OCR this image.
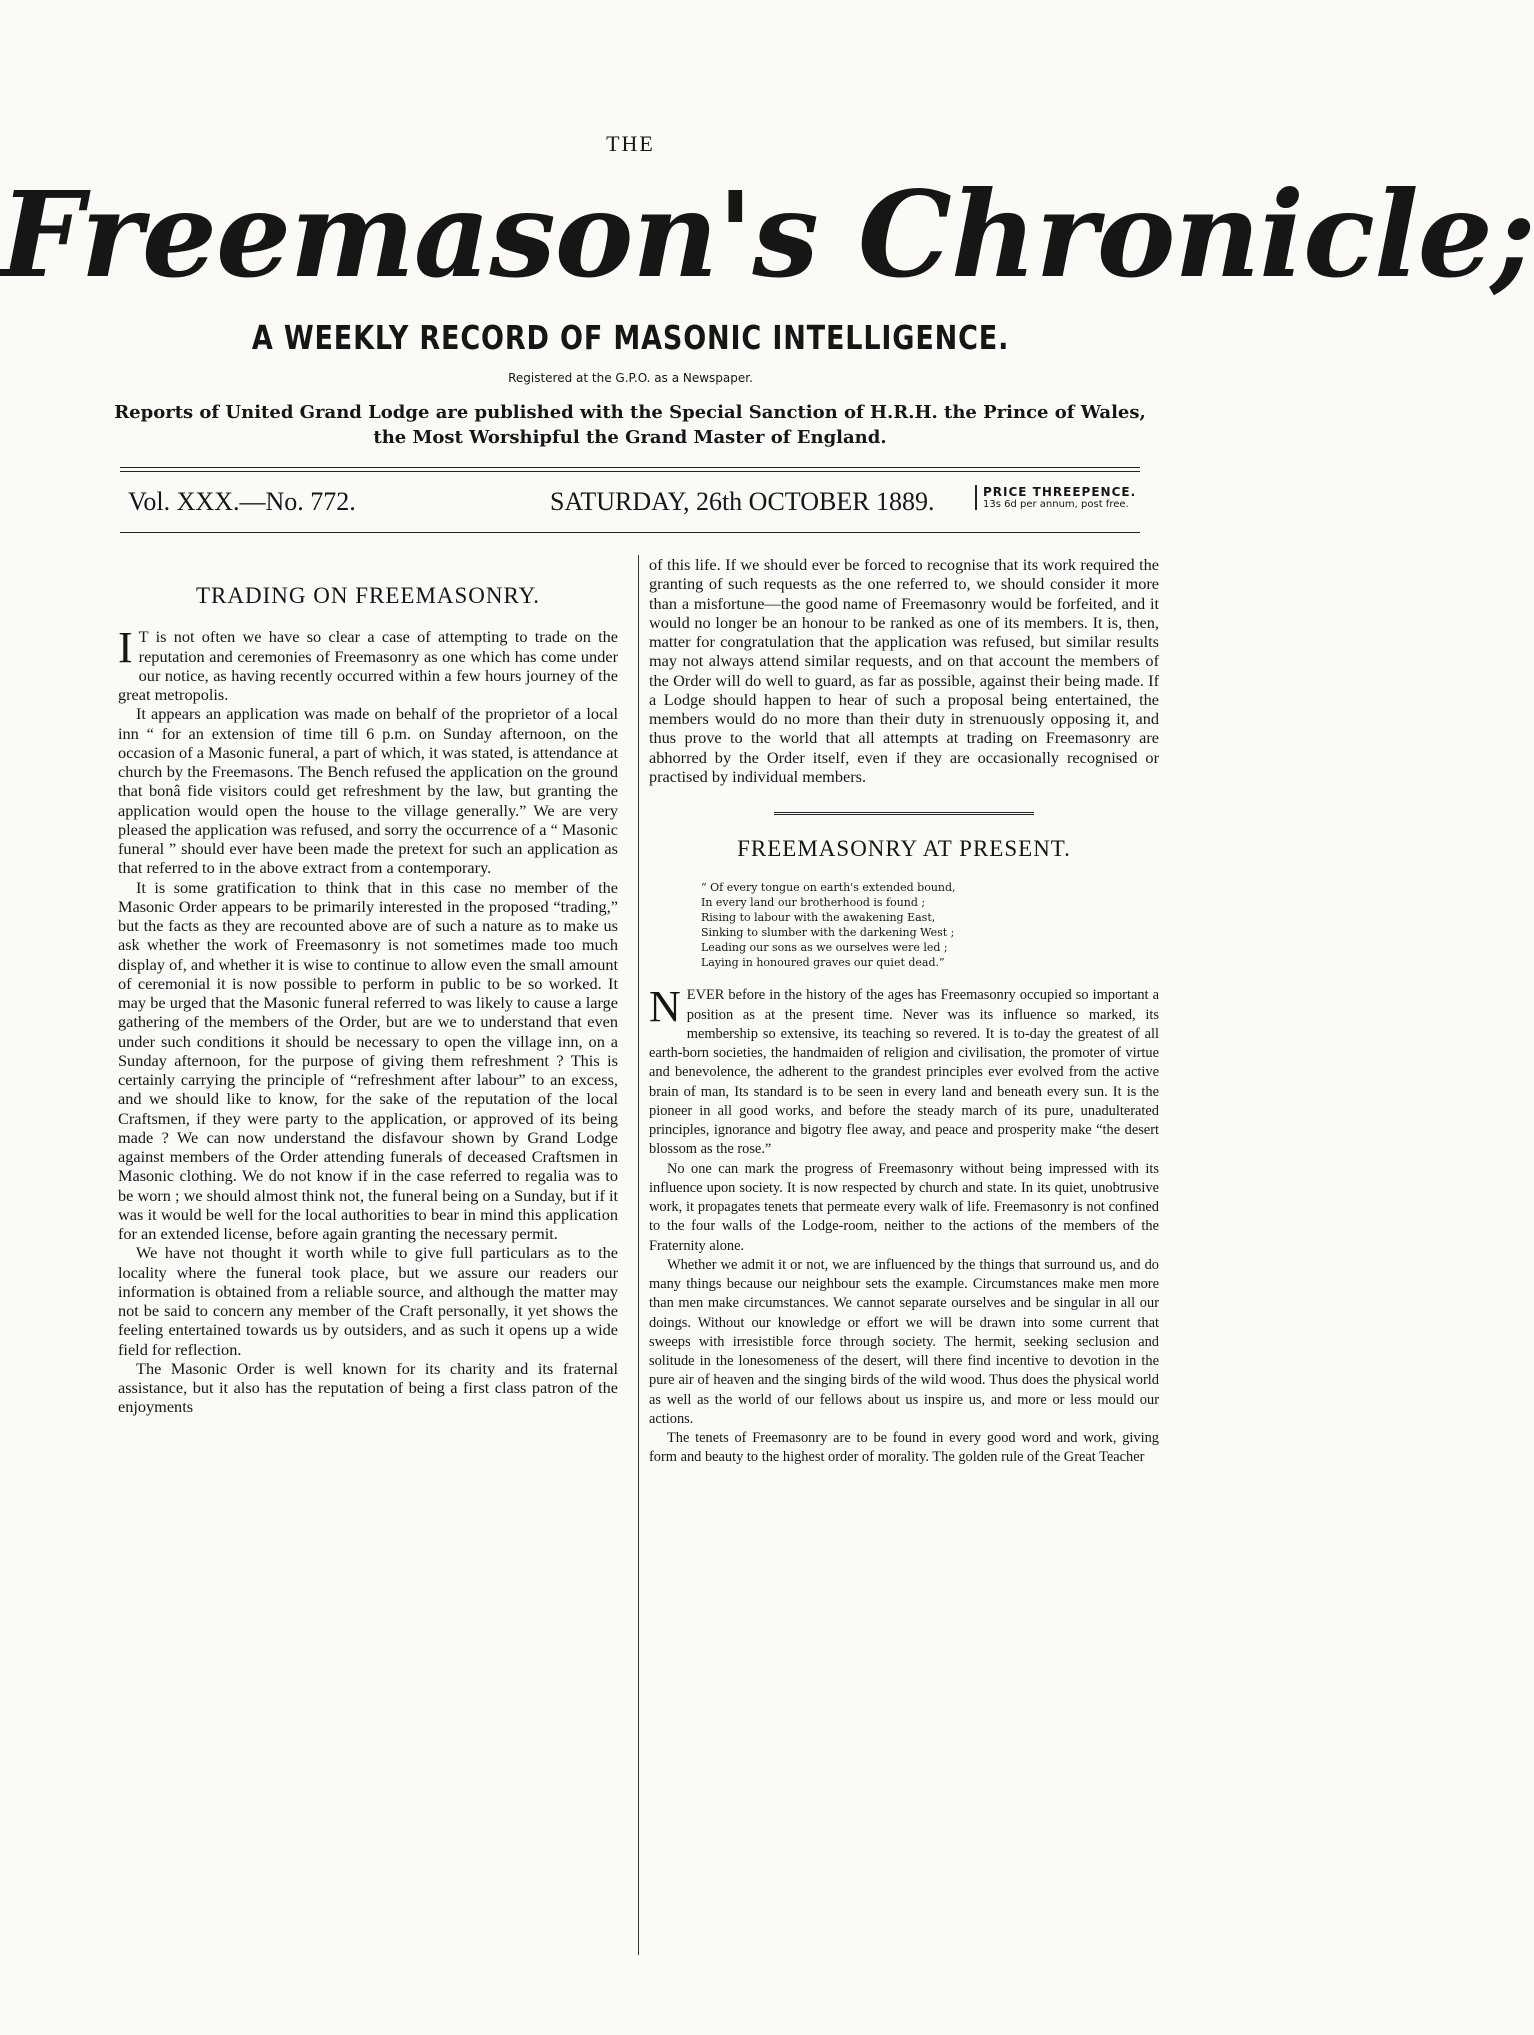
THE
Freemason's Chronicle;
A WEEKLY RECORD OF MASONIC INTELLIGENCE.
Registered at the G.P.O. as a Newspaper.
Reports of United Grand Lodge are published with the Special Sanction of H.R.H. the Prince of Wales,
the Most Worshipful the Grand Master of England.
Vol. XXX.—No. 772.	SATURDAY, 26th OCTOBER 1889.	PRICE THREEPENCE.
13s 6d per annum, post free.
TRADING ON FREEMASONRY.

I T is not often we have so clear a case of attempting to trade on the reputation and ceremonies of Freemasonry as one which has come under our notice, as having recently occurred within a few hours journey of the great metropolis.

It appears an application was made on behalf of the proprietor of a local inn “ for an extension of time till 6 p.m. on Sunday afternoon, on the occasion of a Masonic funeral, a part of which, it was stated, is attendance at church by the Freemasons. The Bench refused the application on the ground that bonâ fide visitors could get refreshment by the law, but granting the application would open the house to the village generally.” We are very pleased the application was refused, and sorry the occurrence of a “ Masonic funeral ” should ever have been made the pretext for such an application as that referred to in the above extract from a contemporary.

It is some gratification to think that in this case no member of the Masonic Order appears to be primarily interested in the proposed “trading,” but the facts as they are recounted above are of such a nature as to make us ask whether the work of Freemasonry is not sometimes made too much display of, and whether it is wise to continue to allow even the small amount of ceremonial it is now possible to perform in public to be so worked. It may be urged that the Masonic funeral referred to was likely to cause a large gathering of the members of the Order, but are we to understand that even under such conditions it should be necessary to open the village inn, on a Sunday afternoon, for the purpose of giving them refreshment ? This is certainly carrying the principle of “refreshment after labour” to an excess, and we should like to know, for the sake of the reputation of the local Craftsmen, if they were party to the application, or approved of its being made ? We can now understand the disfavour shown by Grand Lodge against members of the Order attending funerals of deceased Craftsmen in Masonic clothing. We do not know if in the case referred to regalia was to be worn ; we should almost think not, the funeral being on a Sunday, but if it was it would be well for the local authorities to bear in mind this application for an extended license, before again granting the necessary permit.

We have not thought it worth while to give full particulars as to the locality where the funeral took place, but we assure our readers our information is obtained from a reliable source, and although the matter may not be said to concern any member of the Craft personally, it yet shows the feeling entertained towards us by outsiders, and as such it opens up a wide field for reflection.

The Masonic Order is well known for its charity and its fraternal assistance, but it also has the reputation of being a first class patron of the enjoyments

of this life. If we should ever be forced to recognise that its work required the granting of such requests as the one referred to, we should consider it more than a misfortune—the good name of Freemasonry would be forfeited, and it would no longer be an honour to be ranked as one of its members. It is, then, matter for congratulation that the application was refused, but similar results may not always attend similar requests, and on that account the members of the Order will do well to guard, as far as possible, against their being made. If a Lodge should happen to hear of such a proposal being entertained, the members would do no more than their duty in strenuously opposing it, and thus prove to the world that all attempts at trading on Freemasonry are abhorred by the Order itself, even if they are occasionally recognised or practised by individual members.

FREEMASONRY AT PRESENT.
“ Of every tongue on earth's extended bound,
In every land our brotherhood is found ;
Rising to labour with the awakening East,
Sinking to slumber with the darkening West ;
Leading our sons as we ourselves were led ;
Laying in honoured graves our quiet dead.”

NEVER before in the history of the ages has Freemasonry occupied so important a position as at the present time. Never was its influence so marked, its membership so extensive, its teaching so revered. It is to-day the greatest of all earth-born societies, the handmaiden of religion and civilisation, the promoter of virtue and benevolence, the adherent to the grandest principles ever evolved from the active brain of man, Its standard is to be seen in every land and beneath every sun. It is the pioneer in all good works, and before the steady march of its pure, unadulterated principles, ignorance and bigotry flee away, and peace and prosperity make “the desert blossom as the rose.”

No one can mark the progress of Freemasonry without being impressed with its influence upon society. It is now respected by church and state. In its quiet, unobtrusive work, it propagates tenets that permeate every walk of life. Freemasonry is not confined to the four walls of the Lodge-room, neither to the actions of the members of the Fraternity alone.

Whether we admit it or not, we are influenced by the things that surround us, and do many things because our neighbour sets the example. Circumstances make men more than men make circumstances. We cannot separate ourselves and be singular in all our doings. Without our knowledge or effort we will be drawn into some current that sweeps with irresistible force through society. The hermit, seeking seclusion and solitude in the lonesomeness of the desert, will there find incentive to devotion in the pure air of heaven and the singing birds of the wild wood. Thus does the physical world as well as the world of our fellows about us inspire us, and more or less mould our actions.

The tenets of Freemasonry are to be found in every good word and work, giving form and beauty to the highest order of morality. The golden rule of the Great Teacher
